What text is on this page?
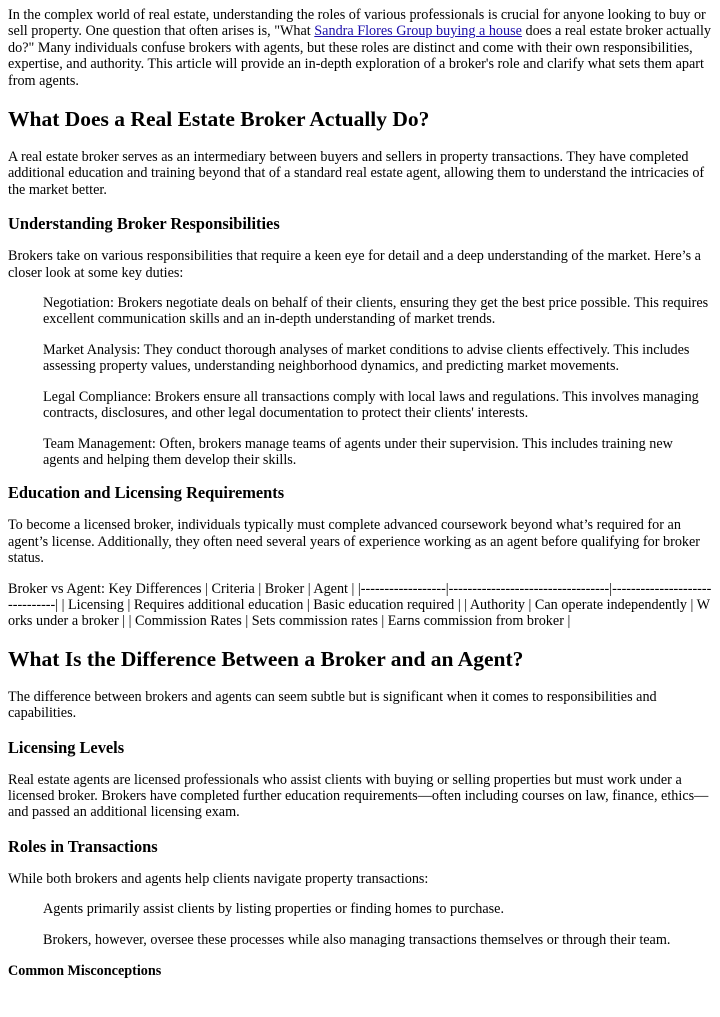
In the complex world of real estate, understanding the roles of various professionals is crucial for anyone looking to buy or sell property. One question that often arises is, "What Sandra Flores Group buying a house does a real estate broker actually do?" Many individuals confuse brokers with agents, but these roles are distinct and come with their own responsibilities, expertise, and authority. This article will provide an in-depth exploration of a broker's role and clarify what sets them apart from agents.

What Does a Real Estate Broker Actually Do?

A real estate broker serves as an intermediary between buyers and sellers in property transactions. They have completed additional education and training beyond that of a standard real estate agent, allowing them to understand the intricacies of the market better.

Understanding Broker Responsibilities

Brokers take on various responsibilities that require a keen eye for detail and a deep understanding of the market. Here’s a closer look at some key duties:

Negotiation: Brokers negotiate deals on behalf of their clients, ensuring they get the best price possible. This requires excellent communication skills and an in-depth understanding of market trends.
Market Analysis: They conduct thorough analyses of market conditions to advise clients effectively. This includes assessing property values, understanding neighborhood dynamics, and predicting market movements.
Legal Compliance: Brokers ensure all transactions comply with local laws and regulations. This involves managing contracts, disclosures, and other legal documentation to protect their clients' interests.
Team Management: Often, brokers manage teams of agents under their supervision. This includes training new agents and helping them develop their skills.
Education and Licensing Requirements

To become a licensed broker, individuals typically must complete advanced coursework beyond what’s required for an agent’s license. Additionally, they often need several years of experience working as an agent before qualifying for broker status.

Broker vs Agent: Key Differences | Criteria | Broker | Agent | |------------------|----------------------------------|-------------------------------| | Licensing | Requires additional education | Basic education required | | Authority | Can operate independently | Works under a broker | | Commission Rates | Sets commission rates | Earns commission from broker |

What Is the Difference Between a Broker and an Agent?

The difference between brokers and agents can seem subtle but is significant when it comes to responsibilities and capabilities.

Licensing Levels

Real estate agents are licensed professionals who assist clients with buying or selling properties but must work under a licensed broker. Brokers have completed further education requirements—often including courses on law, finance, ethics—and passed an additional licensing exam.

Roles in Transactions

While both brokers and agents help clients navigate property transactions:

Agents primarily assist clients by listing properties or finding homes to purchase.
Brokers, however, oversee these processes while also managing transactions themselves or through their team.
Common Misconceptions
